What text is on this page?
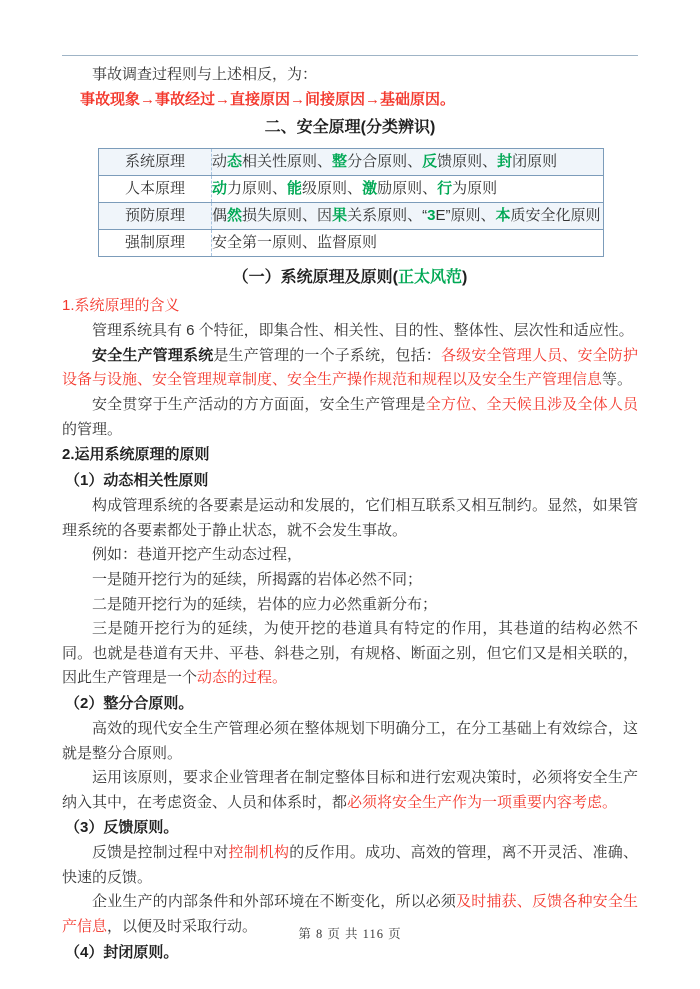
事故调查过程则与上述相反，为：
事故现象→事故经过→直接原因→间接原因→基础原因。
二、安全原理(分类辨识)
系统原理	动态相关性原则、整分合原则、反馈原则、封闭原则
人本原理	动力原则、能级原则、激励原则、行为原则
预防原理	偶然损失原则、因果关系原则、“3E”原则、本质安全化原则
强制原理	安全第一原则、监督原则
（一）系统原理及原则(正太风范)
1.系统原理的含义
管理系统具有 6 个特征，即集合性、相关性、目的性、整体性、层次性和适应性。
安全生产管理系统是生产管理的一个子系统，包括：各级安全管理人员、安全防护设备与设施、安全管理规章制度、安全生产操作规范和规程以及安全生产管理信息等。
安全贯穿于生产活动的方方面面，安全生产管理是全方位、全天候且涉及全体人员的管理。
2.运用系统原理的原则
（1）动态相关性原则
构成管理系统的各要素是运动和发展的，它们相互联系又相互制约。显然，如果管理系统的各要素都处于静止状态，就不会发生事故。
例如：巷道开挖产生动态过程，
一是随开挖行为的延续，所揭露的岩体必然不同；
二是随开挖行为的延续，岩体的应力必然重新分布；
三是随开挖行为的延续，为使开挖的巷道具有特定的作用，其巷道的结构必然不同。也就是巷道有天井、平巷、斜巷之别，有规格、断面之别，但它们又是相关联的，因此生产管理是一个动态的过程。
（2）整分合原则。
高效的现代安全生产管理必须在整体规划下明确分工，在分工基础上有效综合，这就是整分合原则。
运用该原则，要求企业管理者在制定整体目标和进行宏观决策时，必须将安全生产纳入其中，在考虑资金、人员和体系时，都必须将安全生产作为一项重要内容考虑。
（3）反馈原则。
反馈是控制过程中对控制机构的反作用。成功、高效的管理，离不开灵活、准确、快速的反馈。
企业生产的内部条件和外部环境在不断变化，所以必须及时捕获、反馈各种安全生产信息，以便及时采取行动。
（4）封闭原则。
第 8 页 共 116 页
